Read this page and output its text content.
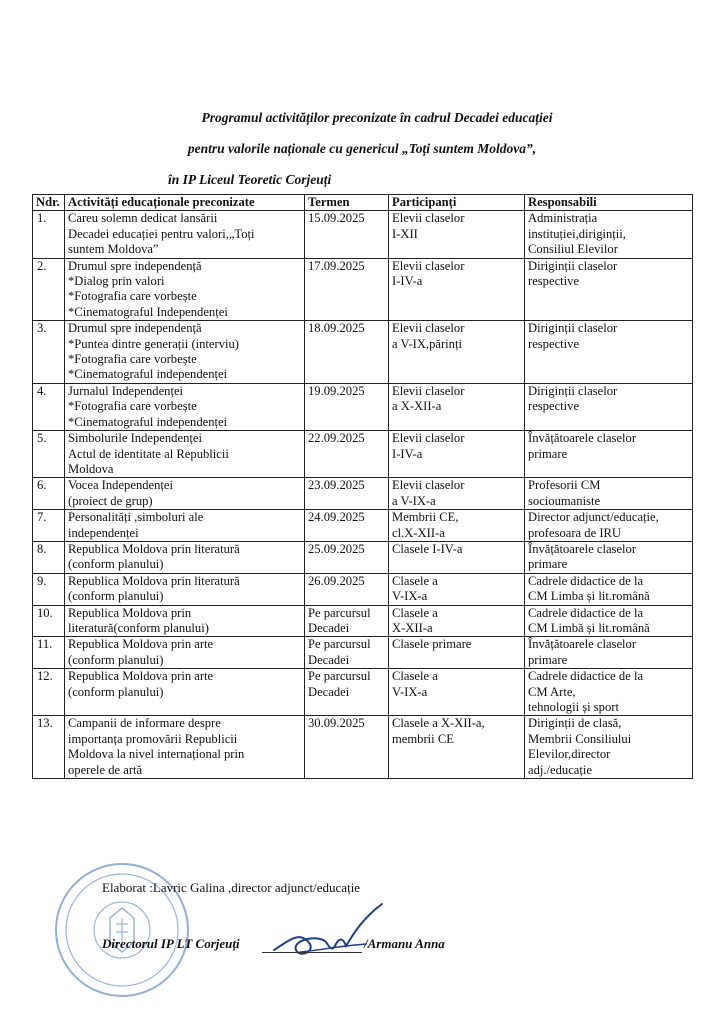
Programul activităților preconizate în cadrul Decadei educației
pentru valorile naționale cu genericul „Toți suntem Moldova”,
în IP Liceul Teoretic Corjeuți
Ndr.	Activități educaționale preconizate	Termen	Participanți	Responsabili
1.	Careu solemn dedicat lansării
Decadei educației pentru valori,„Toți
suntem Moldova”	15.09.2025	Elevii claselor
I-XII	Administrația
instituției,diriginții,
Consiliul Elevilor
2.	Drumul spre independență
*Dialog prin valori
*Fotografia care vorbește
*Cinematograful Independenței	17.09.2025	Elevii claselor
I-IV-a	Diriginții claselor
respective
3.	Drumul spre independență
*Puntea dintre generații (interviu)
*Fotografia care vorbește
*Cinematograful independenței	18.09.2025	Elevii claselor
a V-IX,părinți	Diriginții claselor
respective
4.	Jurnalul Independenței
*Fotografia care vorbește
*Cinematograful independenței	19.09.2025	Elevii claselor
a X-XII-a	Diriginții claselor
respective
5.	Simbolurile Independenței
Actul de identitate al Republicii
Moldova	22.09.2025	Elevii claselor
I-IV-a	Învățătoarele claselor
primare
6.	Vocea Independenței
(proiect de grup)	23.09.2025	Elevii claselor
a V-IX-a	Profesorii CM
socioumaniste
7.	Personalități ,simboluri ale
independenței	24.09.2025	Membrii CE,
cl.X-XII-a	Director adjunct/educație,
profesoara de IRU
8.	Republica Moldova prin literatură
(conform planului)	25.09.2025	Clasele I-IV-a	Învățătoarele claselor
primare
9.	Republica Moldova prin literatură
(conform planului)	26.09.2025	Clasele a
V-IX-a	Cadrele didactice de la
CM Limba și lit.română
10.	Republica Moldova prin
literatură(conform planului)	Pe parcursul
Decadei	Clasele a
X-XII-a	Cadrele didactice de la
CM Limbă și lit.română
11.	Republica Moldova prin arte
(conform planului)	Pe parcursul
Decadei	Clasele primare	Învățătoarele claselor
primare
12.	Republica Moldova prin arte
(conform planului)	Pe parcursul
Decadei	Clasele a
V-IX-a	Cadrele didactice de la
CM Arte,
tehnologii și sport
13.	Campanii de informare despre
importanța promovării Republicii
Moldova la nivel internațional prin
operele de artă	30.09.2025	Clasele a X-XII-a,
membrii CE	Diriginții de clasă,
Membrii Consiliului
Elevilor,director
adj./educație
Elaborat :Lavric Galina ,director adjunct/educație
Directorul IP LT Corjeuți	/Armanu Anna
